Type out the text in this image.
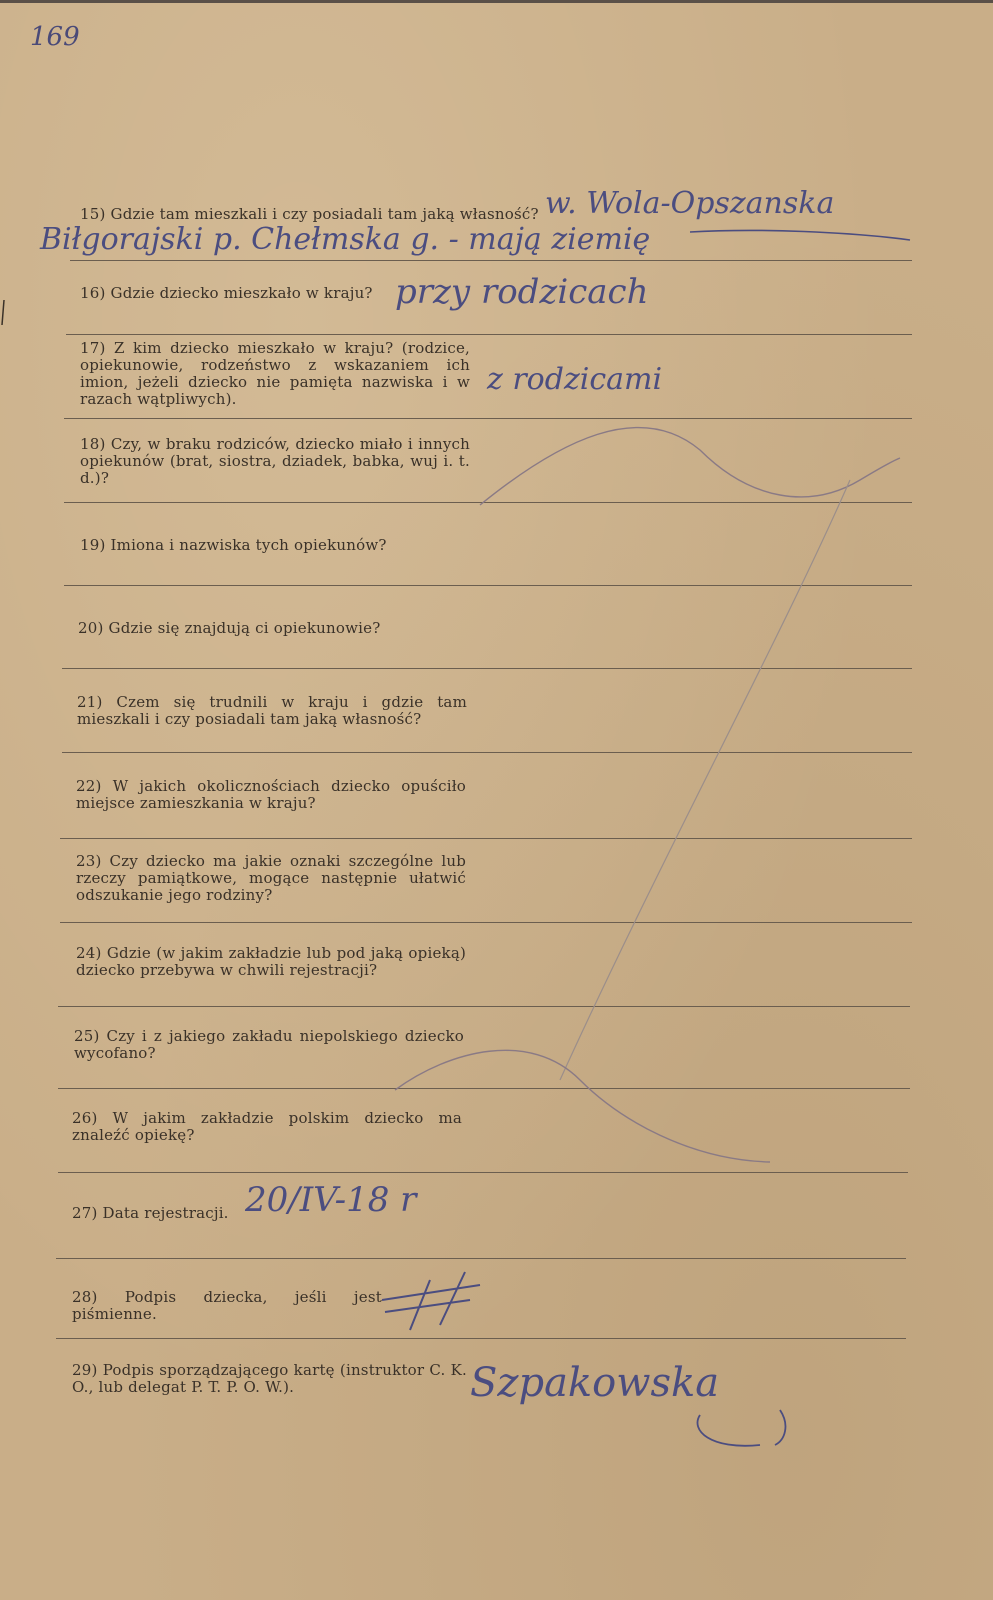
169
15) Gdzie tam mieszkali i czy posiadali tam jaką własność? w. Wola-Opszanska
Biłgorajski p. Chełmska g. - mają ziemię
16) Gdzie dziecko mieszkało w kraju? przy rodzicach
17) Z kim dziecko mieszkało w kraju? (rodzice, opiekunowie, rodzeństwo z wskazaniem ich imion, jeżeli dziecko nie pamięta nazwiska i w razach wątpliwych).
z rodzicami
18) Czy, w braku rodziców, dziecko miało i innych opiekunów (brat, siostra, dziadek, babka, wuj i. t. d.)?
19) Imiona i nazwiska tych opiekunów?
20) Gdzie się znajdują ci opiekunowie?
21) Czem się trudnili w kraju i gdzie tam mieszkali i czy posiadali tam jaką własność?
22) W jakich okolicznościach dziecko opuściło miejsce zamieszkania w kraju?
23) Czy dziecko ma jakie oznaki szczególne lub rzeczy pamiątkowe, mogące następnie ułatwić odszukanie jego rodziny?
24) Gdzie (w jakim zakładzie lub pod jaką opieką) dziecko przebywa w chwili rejestracji?
25) Czy i z jakiego zakładu niepolskiego dziecko wycofano?
26) W jakim zakładzie polskim dziecko ma znaleźć opiekę?
27) Data rejestracji. 20/IV-18 r
28) Podpis dziecka, jeśli jest piśmienne.
29) Podpis sporządzającego kartę (instruktor C. K. O., lub delegat P. T. P. O. W.).	Szpakowska
